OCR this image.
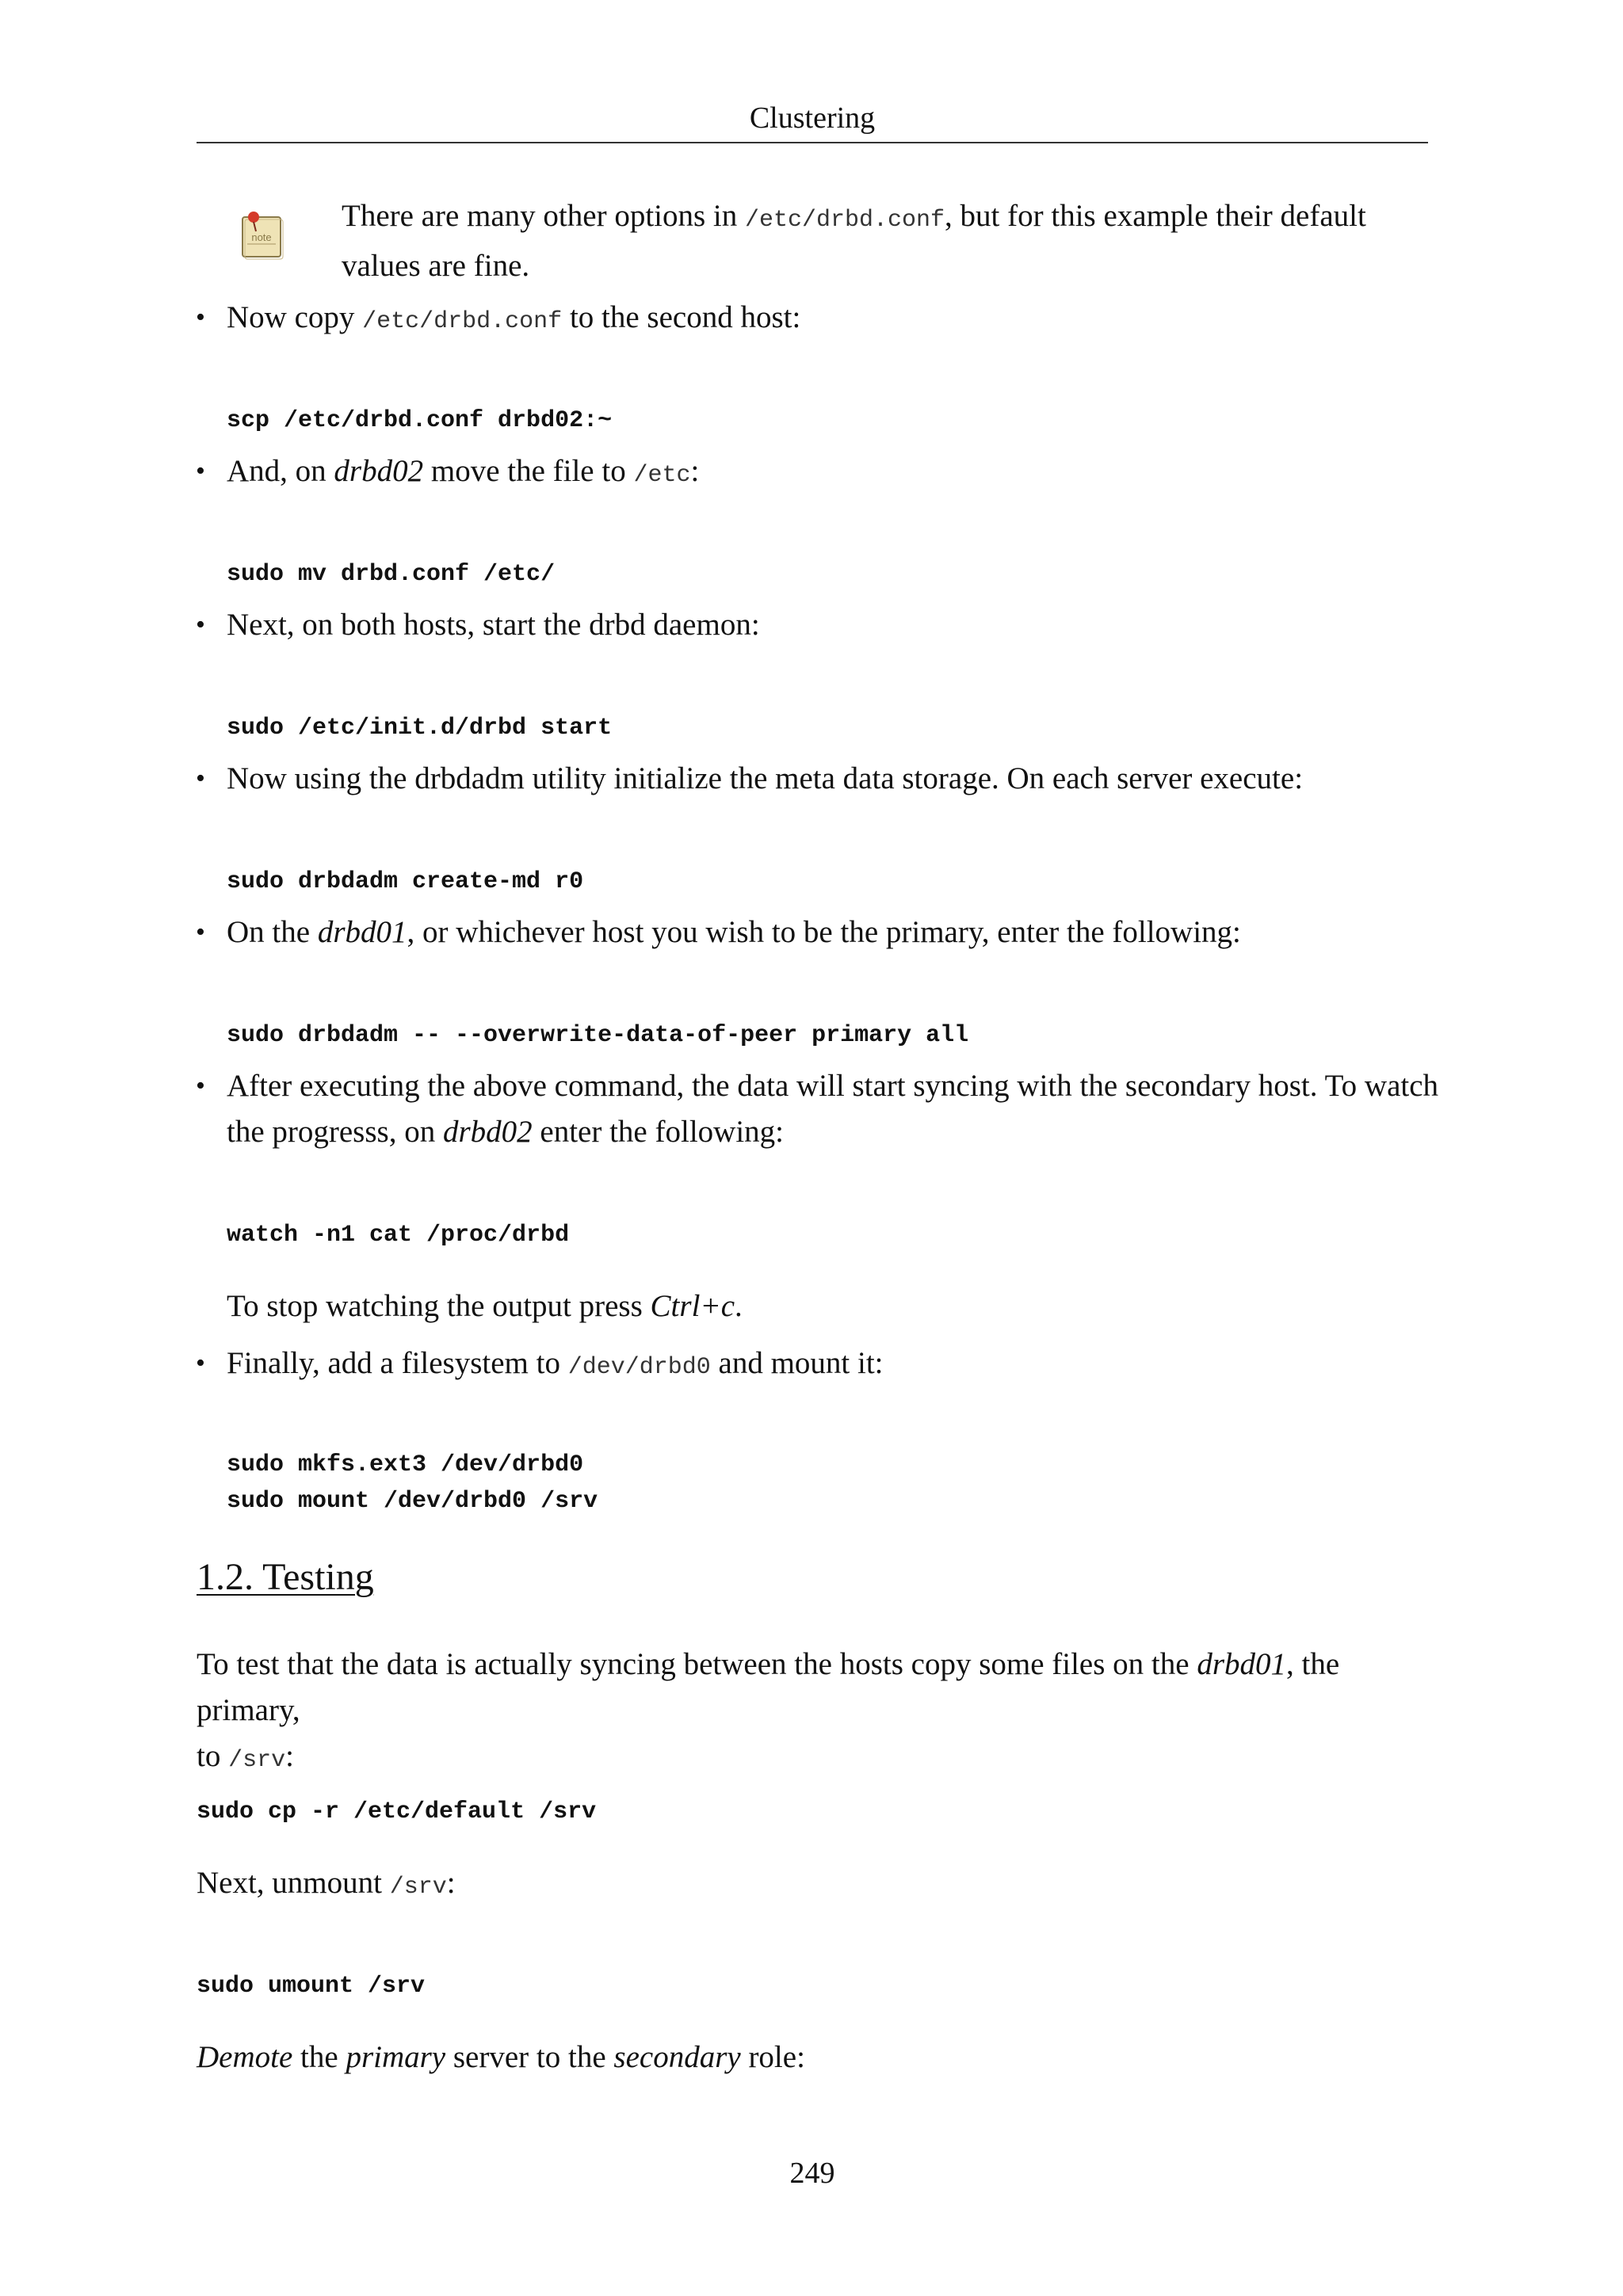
Clustering
note
There are many other options in /etc/drbd.conf, but for this example their default values are fine.
• Now copy /etc/drbd.conf to the second host:
scp /etc/drbd.conf drbd02:~
• And, on drbd02 move the file to /etc:
sudo mv drbd.conf /etc/
• Next, on both hosts, start the drbd daemon:
sudo /etc/init.d/drbd start
• Now using the drbdadm utility initialize the meta data storage. On each server execute:
sudo drbdadm create-md r0
• On the drbd01, or whichever host you wish to be the primary, enter the following:
sudo drbdadm -- --overwrite-data-of-peer primary all
• After executing the above command, the data will start syncing with the secondary host. To watch
the progresss, on drbd02 enter the following:
watch -n1 cat /proc/drbd
To stop watching the output press Ctrl+c.
• Finally, add a filesystem to /dev/drbd0 and mount it:
sudo mkfs.ext3 /dev/drbd0
sudo mount /dev/drbd0 /srv
1.2. Testing
To test that the data is actually syncing between the hosts copy some files on the drbd01, the primary,
to /srv:
sudo cp -r /etc/default /srv
Next, unmount /srv:
sudo umount /srv
Demote the primary server to the secondary role:
249
